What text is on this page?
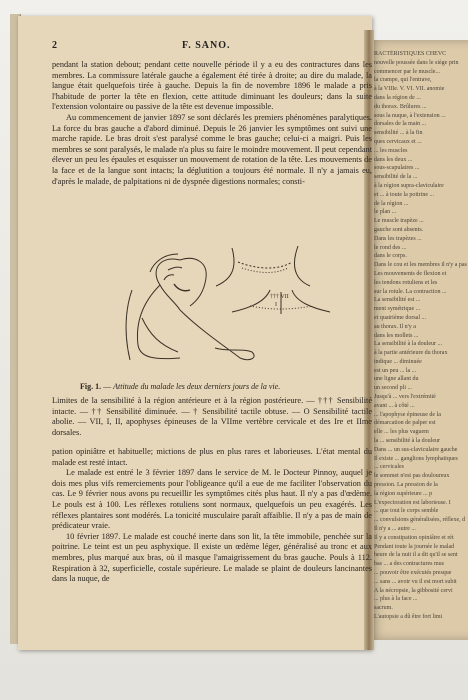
RACTÉRISTIQUES CHEVC

nouvelle poussée dans le siège prin

commencer par le muscle...

la crampe, qui l'entrave,

à la VIIIe. V. VI. VII. anomie

dans la région de ...

du thorax. Brûlures ...

sous la nuque, à l'extension ...

dorsales de la main ...

sensibilité ... à la fin

ques cervicaux et ...

... les muscles

dans les deux ...

sous-scapulaires ...

sensibilité de la ...

à la région supra-claviculaire

et ... à toute la poitrine ...

de la région ...

le plan ...

Le muscle trapèze ...

gauche sont absents.

Dans les trapèzes ...

le rond des ...

dans le corps.

Dans le cou et les membres il n'y a pas

Les mouvements de flexion et

les tendons rotuliens et les

sur la rotule. La contraction ...

La sensibilité est ...

ment symétrique ...

et quatrième dorsal ...

au thorax. Il n'y a

dans les mollets ...

La sensibilité à la douleur ...

à la partie antérieure du thorax

indique ... diminuée

est un peu ... la ...

une ligne allant du

un second pli ...

Jusqu'à ... vers l'extrémité

avant ... à côté ...

... l'apophyse épineuse de la

démarcation de palper est

elle ... les plus vaguem

la ... sensibilité à la douleur

Dans ... un sus-claviculaire gauche

Il existe ... ganglions lymphatiques

... cervicales

le sommet n'est pas douloureux

pression. La pression de la

la région supérieure ... p

L'expectoration est laborieuse. I

... que tout le corps semble

... convulsions généralisées, réflexe, d

Il n'y a ... autre ...

Il y a constipation opiniâtre et rét

Pendant toute la journée le malad

heure de la nuit il a dit qu'il se sent

bas ... a des contractures mus

... pouvoir être exécutés presque

... sans ... avoir vu il est mort subit

A la nécropsie, la gibbosité cervi

... plus à la face ...

sacrum.

L'autopsie a dû être fort limi

2	F. SANO.

pendant la station debout; pendant cette nouvelle période il y a eu des contractures dans les membres. La commissure latérale gauche a également été tirée à droite; au dire du malade, la langue était quelquefois tirée à gauche. Depuis la fin de novembre 1896 le malade a pris l'habitude de porter la tête en flexion, cette attitude diminuant les douleurs; dans la suite l'extension volontaire ou passive de la tête est devenue impossible.

Au commencement de janvier 1897 se sont déclarés les premiers phénomènes paralytiques. La force du bras gauche a d'abord diminué. Depuis le 26 janvier les symptômes ont suivi une marche rapide. Le bras droit s'est paralysé comme le bras gauche; celui-ci a maigri. Puis les membres se sont paralysés, le malade n'a plus su faire le moindre mouvement. Il peut cependant élever un peu les épaules et esquisser un mouvement de rotation de la tête. Les mouvements de la face et de la langue sont intacts; la déglutition a toujours été normale. Il n'y a jamais eu, d'après le malade, de palpitations ni de dyspnée digestions normales; consti-

††† VII
I
Fig. 1. — Attitude du malade les deux derniers jours de la vie.

Limites de la sensibilité à la région antérieure et à la région postérieure. — ††† Sensibilité intacte. — †† Sensibilité diminuée. — † Sensibilité tactile obtuse. — O Sensibilité tactile abolie. — VII, I, II, apophyses épineuses de la VIIme vertèbre cervicale et des Ire et IIme dorsales.

pation opiniâtre et habituelle; mictions de plus en plus rares et laborieuses. L'état mental du malade est resté intact.

Le malade est entré le 3 février 1897 dans le service de M. le Docteur Pinnoy, auquel je dois mes plus vifs remerciements pour l'obligeance qu'il a eue de me faciliter l'observation du cas. Le 9 février nous avons pu recueillir les symptômes cités plus haut. Il n'y a pas d'œdème. Le pouls est à 100. Les réflexes rotuliens sont normaux, quelquefois un peu exagérés. Les réflexes plantaires sont modérés. La tonicité musculaire paraît affaiblie. Il n'y a pas de main de prédicateur vraie.

10 février 1897. Le malade est couché inerte dans son lit, la tête immobile, penchée sur la poitrine. Le teint est un peu asphyxique. Il existe un œdème léger, généralisé au tronc et aux membres, plus marqué aux bras, où il masque l'amaigrissement du bras gauche. Pouls à 112. Respiration à 32, superficielle, costale supérieure. Le malade se plaint de douleurs lancinantes dans la nuque, de
